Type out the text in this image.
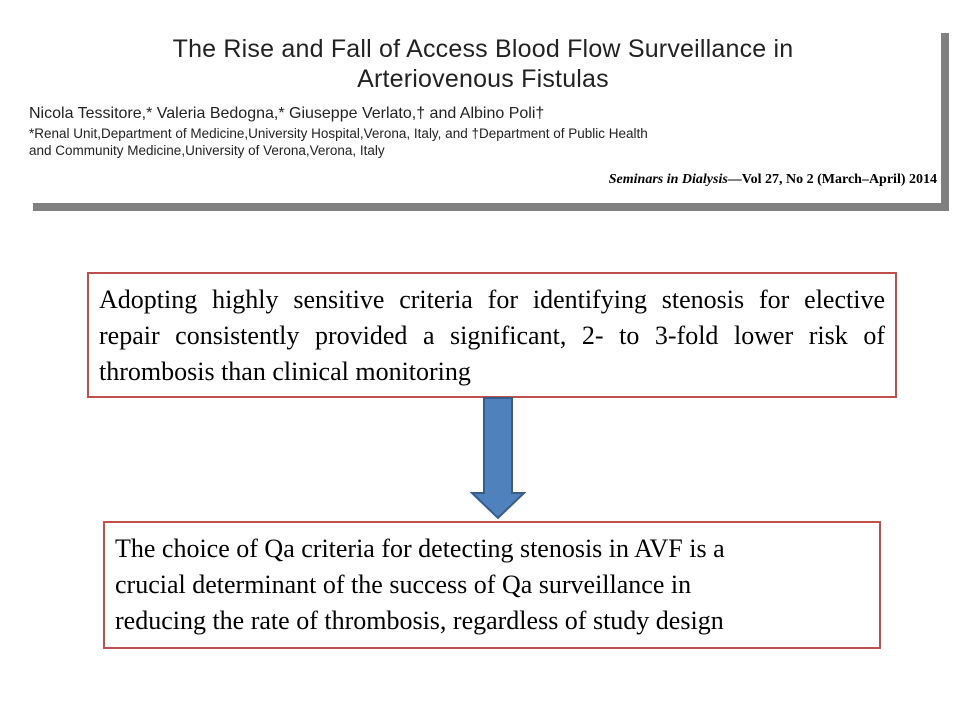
The Rise and Fall of Access Blood Flow Surveillance in
Arteriovenous Fistulas
Nicola Tessitore,* Valeria Bedogna,* Giuseppe Verlato,† and Albino Poli†
*Renal Unit,Department of Medicine,University Hospital,Verona, Italy, and †Department of Public Health
and Community Medicine,University of Verona,Verona, Italy
Seminars in Dialysis—Vol 27, No 2 (March–April) 2014
Adopting highly sensitive criteria for identifying stenosis for elective repair consistently provided a significant, 2- to 3-fold lower risk of thrombosis than clinical monitoring
The choice of Qa criteria for detecting stenosis in AVF is a
crucial determinant of the success of Qa surveillance in
reducing the rate of thrombosis, regardless of study design
